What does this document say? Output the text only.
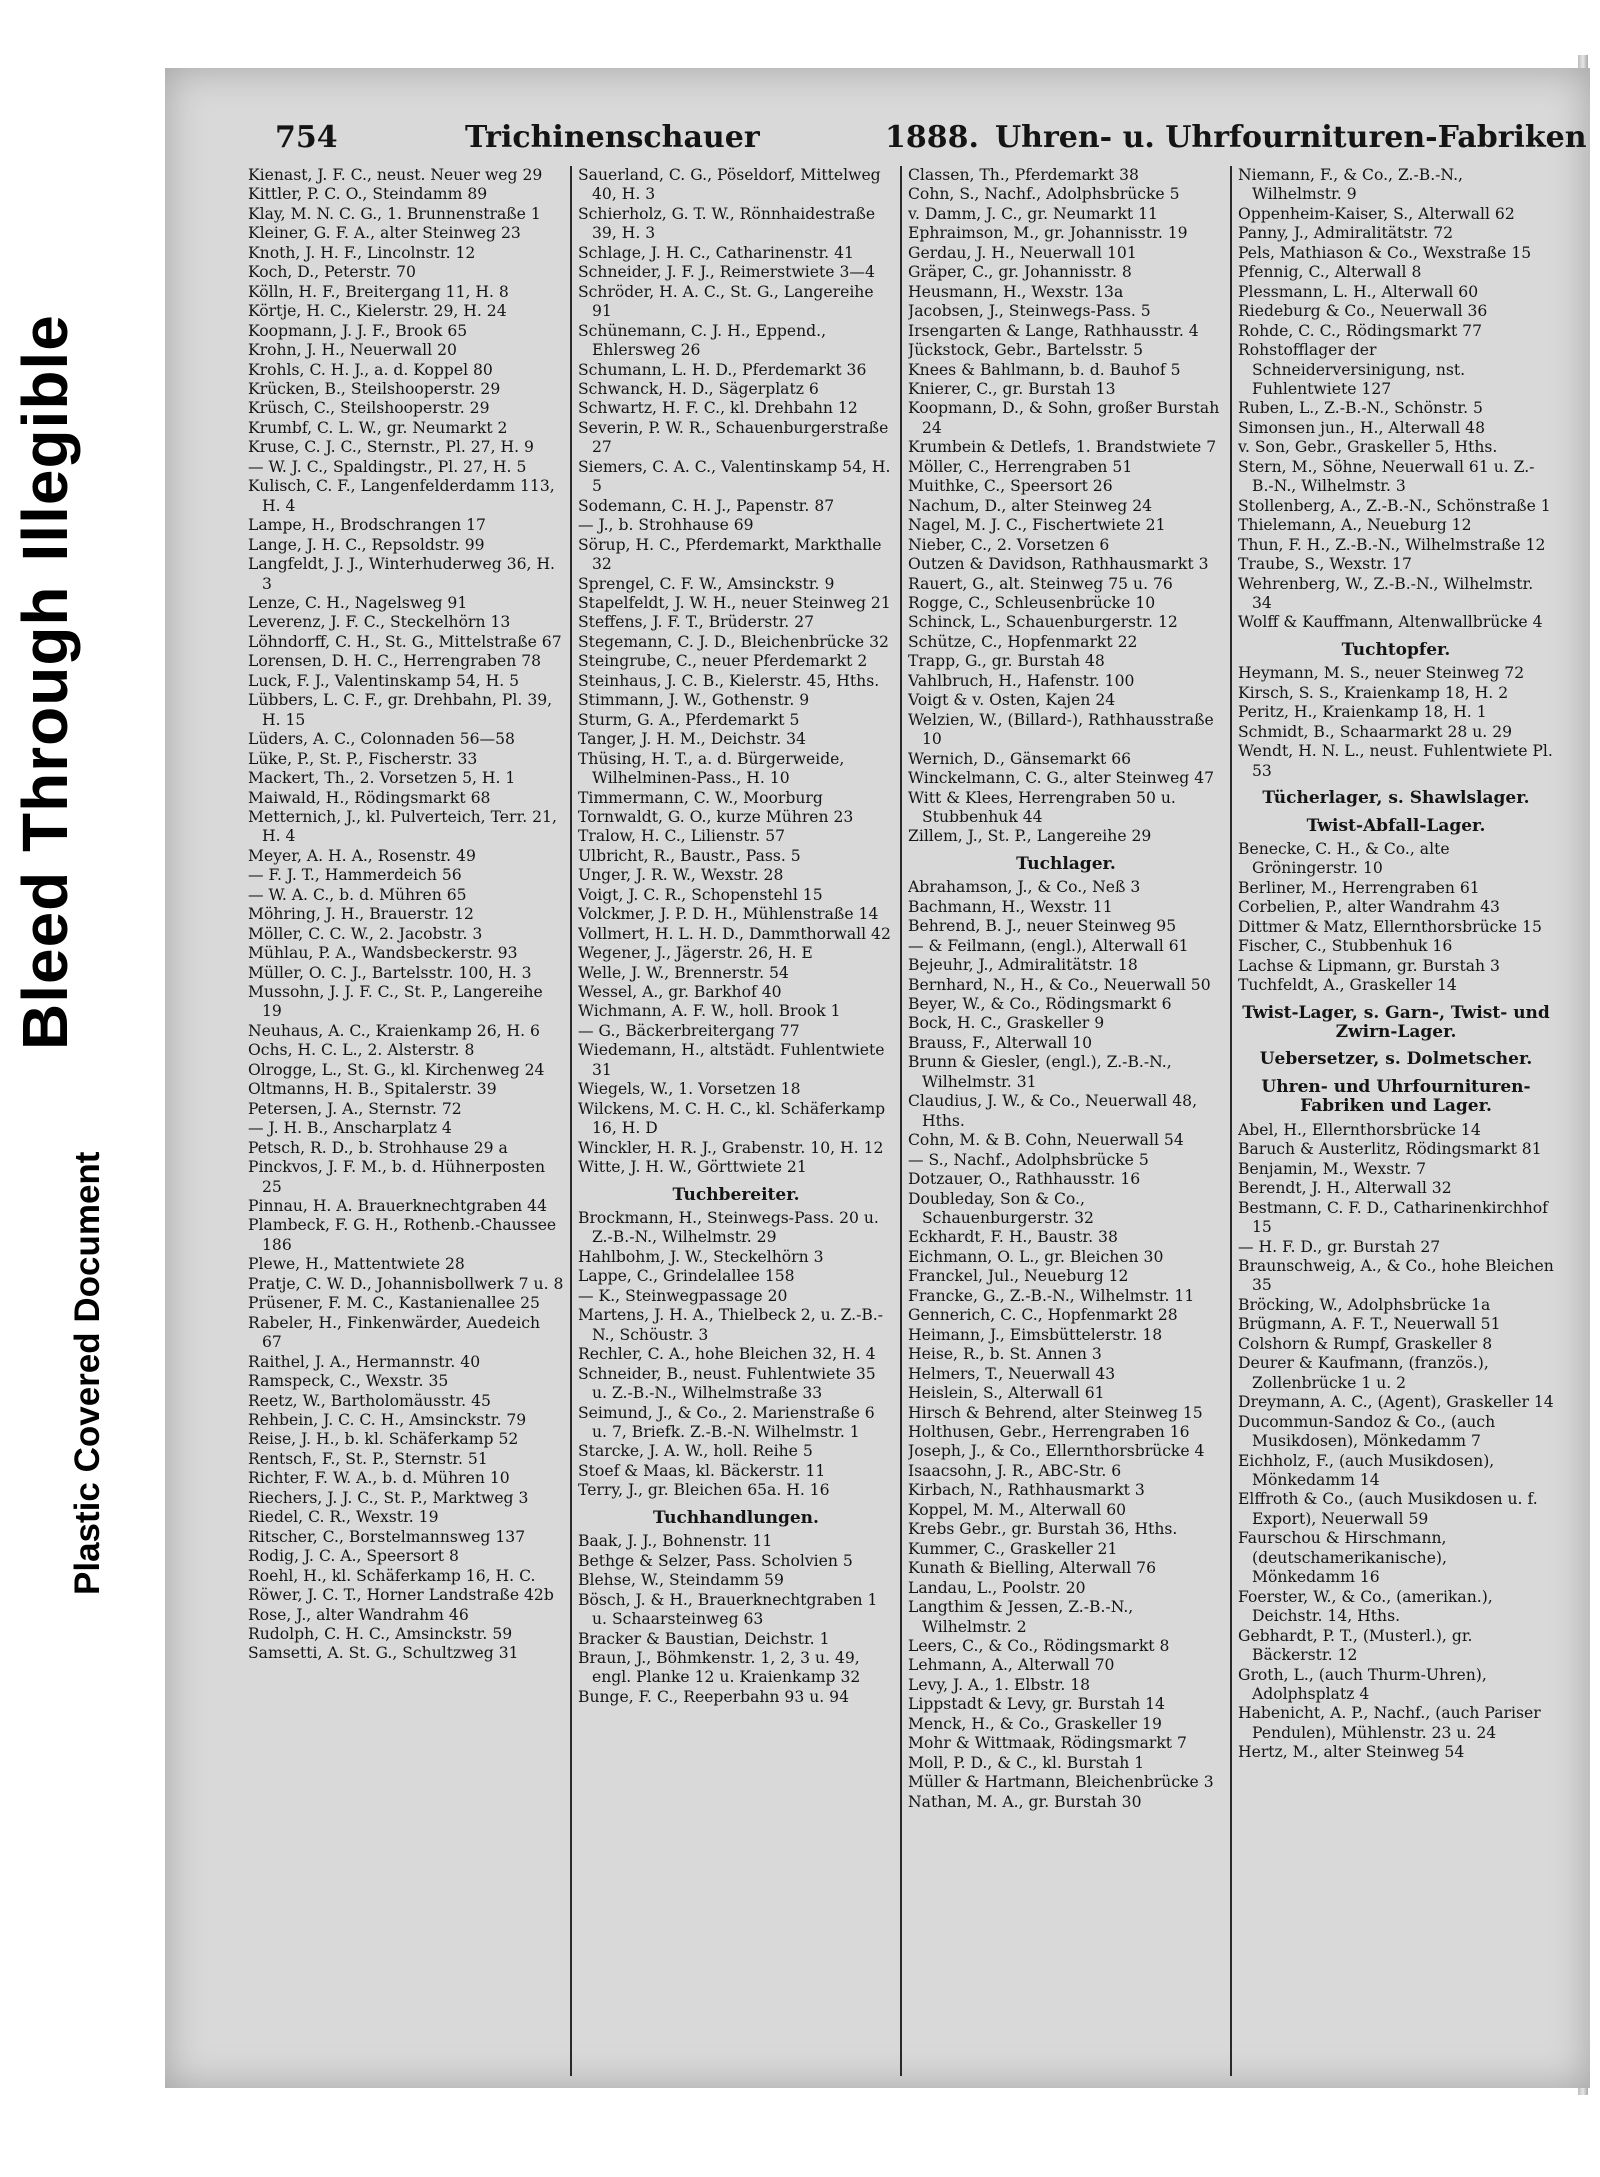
Bleed ThroughIllegible
Plastic Covered Document
754	Trichinenschauer	1888. Uhren- u. Uhrfournituren-Fabriken
Kienast, J. F. C., neust. Neuer weg 29
Kittler, P. C. O., Steindamm 89
Klay, M. N. C. G., 1. Brunnenstraße 1
Kleiner, G. F. A., alter Steinweg 23
Knoth, J. H. F., Lincolnstr. 12
Koch, D., Peterstr. 70
Kölln, H. F., Breitergang 11, H. 8
Körtje, H. C., Kielerstr. 29, H. 24
Koopmann, J. J. F., Brook 65
Krohn, J. H., Neuerwall 20
Krohls, C. H. J., a. d. Koppel 80
Krücken, B., Steilshooperstr. 29
Krüsch, C., Steilshooperstr. 29
Krumbf, C. L. W., gr. Neumarkt 2
Kruse, C. J. C., Sternstr., Pl. 27, H. 9
— W. J. C., Spaldingstr., Pl. 27, H. 5
Kulisch, C. F., Langenfelderdamm 113, H. 4
Lampe, H., Brodschrangen 17
Lange, J. H. C., Repsoldstr. 99
Langfeldt, J. J., Winterhuderweg 36, H. 3
Lenze, C. H., Nagelsweg 91
Leverenz, J. F. C., Steckelhörn 13
Löhndorff, C. H., St. G., Mittelstraße 67
Lorensen, D. H. C., Herrengraben 78
Luck, F. J., Valentinskamp 54, H. 5
Lübbers, L. C. F., gr. Drehbahn, Pl. 39, H. 15
Lüders, A. C., Colonnaden 56—58
Lüke, P., St. P., Fischerstr. 33
Mackert, Th., 2. Vorsetzen 5, H. 1
Maiwald, H., Rödingsmarkt 68
Metternich, J., kl. Pulverteich, Terr. 21, H. 4
Meyer, A. H. A., Rosenstr. 49
— F. J. T., Hammerdeich 56
— W. A. C., b. d. Mühren 65
Möhring, J. H., Brauerstr. 12
Möller, C. C. W., 2. Jacobstr. 3
Mühlau, P. A., Wandsbeckerstr. 93
Müller, O. C. J., Bartelsstr. 100, H. 3
Mussohn, J. J. F. C., St. P., Langereihe 19
Neuhaus, A. C., Kraienkamp 26, H. 6
Ochs, H. C. L., 2. Alsterstr. 8
Olrogge, L., St. G., kl. Kirchenweg 24
Oltmanns, H. B., Spitalerstr. 39
Petersen, J. A., Sternstr. 72
— J. H. B., Anscharplatz 4
Petsch, R. D., b. Strohhause 29 a
Pinckvos, J. F. M., b. d. Hühnerposten 25
Pinnau, H. A. Brauerknechtgraben 44
Plambeck, F. G. H., Rothenb.-Chaussee 186
Plewe, H., Mattentwiete 28
Pratje, C. W. D., Johannisbollwerk 7 u. 8
Prüsener, F. M. C., Kastanienallee 25
Rabeler, H., Finkenwärder, Auedeich 67
Raithel, J. A., Hermannstr. 40
Ramspeck, C., Wexstr. 35
Reetz, W., Bartholomäusstr. 45
Rehbein, J. C. C. H., Amsinckstr. 79
Reise, J. H., b. kl. Schäferkamp 52
Rentsch, F., St. P., Sternstr. 51
Richter, F. W. A., b. d. Mühren 10
Riechers, J. J. C., St. P., Marktweg 3
Riedel, C. R., Wexstr. 19
Ritscher, C., Borstelmannsweg 137
Rodig, J. C. A., Speersort 8
Roehl, H., kl. Schäferkamp 16, H. C.
Röwer, J. C. T., Horner Landstraße 42b
Rose, J., alter Wandrahm 46
Rudolph, C. H. C., Amsinckstr. 59
Samsetti, A. St. G., Schultzweg 31
Sauerland, C. G., Pöseldorf, Mittelweg 40, H. 3
Schierholz, G. T. W., Rönnhaidestraße 39, H. 3
Schlage, J. H. C., Catharinenstr. 41
Schneider, J. F. J., Reimerstwiete 3—4
Schröder, H. A. C., St. G., Langereihe 91
Schünemann, C. J. H., Eppend., Ehlersweg 26
Schumann, L. H. D., Pferdemarkt 36
Schwanck, H. D., Sägerplatz 6
Schwartz, H. F. C., kl. Drehbahn 12
Severin, P. W. R., Schauenburgerstraße 27
Siemers, C. A. C., Valentinskamp 54, H. 5
Sodemann, C. H. J., Papenstr. 87
— J., b. Strohhause 69
Sörup, H. C., Pferdemarkt, Markthalle 32
Sprengel, C. F. W., Amsinckstr. 9
Stapelfeldt, J. W. H., neuer Steinweg 21
Steffens, J. F. T., Brüderstr. 27
Stegemann, C. J. D., Bleichenbrücke 32
Steingrube, C., neuer Pferdemarkt 2
Steinhaus, J. C. B., Kielerstr. 45, Hths.
Stimmann, J. W., Gothenstr. 9
Sturm, G. A., Pferdemarkt 5
Tanger, J. H. M., Deichstr. 34
Thüsing, H. T., a. d. Bürgerweide, Wilhelminen-Pass., H. 10
Timmermann, C. W., Moorburg
Tornwaldt, G. O., kurze Mühren 23
Tralow, H. C., Lilienstr. 57
Ulbricht, R., Baustr., Pass. 5
Unger, J. R. W., Wexstr. 28
Voigt, J. C. R., Schopenstehl 15
Volckmer, J. P. D. H., Mühlenstraße 14
Vollmert, H. L. H. D., Dammthorwall 42
Wegener, J., Jägerstr. 26, H. E
Welle, J. W., Brennerstr. 54
Wessel, A., gr. Barkhof 40
Wichmann, A. F. W., holl. Brook 1
— G., Bäckerbreitergang 77
Wiedemann, H., altstädt. Fuhlentwiete 31
Wiegels, W., 1. Vorsetzen 18
Wilckens, M. C. H. C., kl. Schäferkamp 16, H. D
Winckler, H. R. J., Grabenstr. 10, H. 12
Witte, J. H. W., Görttwiete 21
Tuchbereiter.
Brockmann, H., Steinwegs-Pass. 20 u. Z.-B.-N., Wilhelmstr. 29
Hahlbohm, J. W., Steckelhörn 3
Lappe, C., Grindelallee 158
— K., Steinwegpassage 20
Martens, J. H. A., Thielbeck 2, u. Z.-B.-N., Schöustr. 3
Rechler, C. A., hohe Bleichen 32, H. 4
Schneider, B., neust. Fuhlentwiete 35 u. Z.-B.-N., Wilhelmstraße 33
Seimund, J., & Co., 2. Marienstraße 6 u. 7, Briefk. Z.-B.-N. Wilhelmstr. 1
Starcke, J. A. W., holl. Reihe 5
Stoef & Maas, kl. Bäckerstr. 11
Terry, J., gr. Bleichen 65a. H. 16
Tuchhandlungen.
Baak, J. J., Bohnenstr. 11
Bethge & Selzer, Pass. Scholvien 5
Blehse, W., Steindamm 59
Bösch, J. & H., Brauerknechtgraben 1 u. Schaarsteinweg 63
Bracker & Baustian, Deichstr. 1
Braun, J., Böhmkenstr. 1, 2, 3 u. 49, engl. Planke 12 u. Kraienkamp 32
Bunge, F. C., Reeperbahn 93 u. 94
Classen, Th., Pferdemarkt 38
Cohn, S., Nachf., Adolphsbrücke 5
v. Damm, J. C., gr. Neumarkt 11
Ephraimson, M., gr. Johannisstr. 19
Gerdau, J. H., Neuerwall 101
Gräper, C., gr. Johannisstr. 8
Heusmann, H., Wexstr. 13a
Jacobsen, J., Steinwegs-Pass. 5
Irsengarten & Lange, Rathhausstr. 4
Jückstock, Gebr., Bartelsstr. 5
Knees & Bahlmann, b. d. Bauhof 5
Knierer, C., gr. Burstah 13
Koopmann, D., & Sohn, großer Burstah 24
Krumbein & Detlefs, 1. Brandstwiete 7
Möller, C., Herrengraben 51
Muithke, C., Speersort 26
Nachum, D., alter Steinweg 24
Nagel, M. J. C., Fischertwiete 21
Nieber, C., 2. Vorsetzen 6
Outzen & Davidson, Rathhausmarkt 3
Rauert, G., alt. Steinweg 75 u. 76
Rogge, C., Schleusenbrücke 10
Schinck, L., Schauenburgerstr. 12
Schütze, C., Hopfenmarkt 22
Trapp, G., gr. Burstah 48
Vahlbruch, H., Hafenstr. 100
Voigt & v. Osten, Kajen 24
Welzien, W., (Billard-), Rathhausstraße 10
Wernich, D., Gänsemarkt 66
Winckelmann, C. G., alter Steinweg 47
Witt & Klees, Herrengraben 50 u. Stubbenhuk 44
Zillem, J., St. P., Langereihe 29
Tuchlager.
Abrahamson, J., & Co., Neß 3
Bachmann, H., Wexstr. 11
Behrend, B. J., neuer Steinweg 95
— & Feilmann, (engl.), Alterwall 61
Bejeuhr, J., Admiralitätstr. 18
Bernhard, N., H., & Co., Neuerwall 50
Beyer, W., & Co., Rödingsmarkt 6
Bock, H. C., Graskeller 9
Brauss, F., Alterwall 10
Brunn & Giesler, (engl.), Z.-B.-N., Wilhelmstr. 31
Claudius, J. W., & Co., Neuerwall 48, Hths.
Cohn, M. & B. Cohn, Neuerwall 54
— S., Nachf., Adolphsbrücke 5
Dotzauer, O., Rathhausstr. 16
Doubleday, Son & Co., Schauenburgerstr. 32
Eckhardt, F. H., Baustr. 38
Eichmann, O. L., gr. Bleichen 30
Franckel, Jul., Neueburg 12
Francke, G., Z.-B.-N., Wilhelmstr. 11
Gennerich, C. C., Hopfenmarkt 28
Heimann, J., Eimsbüttelerstr. 18
Heise, R., b. St. Annen 3
Helmers, T., Neuerwall 43
Heislein, S., Alterwall 61
Hirsch & Behrend, alter Steinweg 15
Holthusen, Gebr., Herrengraben 16
Joseph, J., & Co., Ellernthorsbrücke 4
Isaacsohn, J. R., ABC-Str. 6
Kirbach, N., Rathhausmarkt 3
Koppel, M. M., Alterwall 60
Krebs Gebr., gr. Burstah 36, Hths.
Kummer, C., Graskeller 21
Kunath & Bielling, Alterwall 76
Landau, L., Poolstr. 20
Langthim & Jessen, Z.-B.-N., Wilhelmstr. 2
Leers, C., & Co., Rödingsmarkt 8
Lehmann, A., Alterwall 70
Levy, J. A., 1. Elbstr. 18
Lippstadt & Levy, gr. Burstah 14
Menck, H., & Co., Graskeller 19
Mohr & Wittmaak, Rödingsmarkt 7
Moll, P. D., & C., kl. Burstah 1
Müller & Hartmann, Bleichenbrücke 3
Nathan, M. A., gr. Burstah 30
Niemann, F., & Co., Z.-B.-N., Wilhelmstr. 9
Oppenheim-Kaiser, S., Alterwall 62
Panny, J., Admiralitätstr. 72
Pels, Mathiason & Co., Wexstraße 15
Pfennig, C., Alterwall 8
Plessmann, L. H., Alterwall 60
Riedeburg & Co., Neuerwall 36
Rohde, C. C., Rödingsmarkt 77
Rohstofflager der Schneiderversinigung, nst. Fuhlentwiete 127
Ruben, L., Z.-B.-N., Schönstr. 5
Simonsen jun., H., Alterwall 48
v. Son, Gebr., Graskeller 5, Hths.
Stern, M., Söhne, Neuerwall 61 u. Z.-B.-N., Wilhelmstr. 3
Stollenberg, A., Z.-B.-N., Schönstraße 1
Thielemann, A., Neueburg 12
Thun, F. H., Z.-B.-N., Wilhelmstraße 12
Traube, S., Wexstr. 17
Wehrenberg, W., Z.-B.-N., Wilhelmstr. 34
Wolff & Kauffmann, Altenwallbrücke 4
Tuchtopfer.
Heymann, M. S., neuer Steinweg 72
Kirsch, S. S., Kraienkamp 18, H. 2
Peritz, H., Kraienkamp 18, H. 1
Schmidt, B., Schaarmarkt 28 u. 29
Wendt, H. N. L., neust. Fuhlentwiete Pl. 53
Tücherlager, s. Shawlslager.
Twist-Abfall-Lager.
Benecke, C. H., & Co., alte Gröningerstr. 10
Berliner, M., Herrengraben 61
Corbelien, P., alter Wandrahm 43
Dittmer & Matz, Ellernthorsbrücke 15
Fischer, C., Stubbenhuk 16
Lachse & Lipmann, gr. Burstah 3
Tuchfeldt, A., Graskeller 14
Twist-Lager, s. Garn-, Twist- und Zwirn-Lager.
Uebersetzer, s. Dolmetscher.
Uhren- und Uhrfournituren-Fabriken und Lager.
Abel, H., Ellernthorsbrücke 14
Baruch & Austerlitz, Rödingsmarkt 81
Benjamin, M., Wexstr. 7
Berendt, J. H., Alterwall 32
Bestmann, C. F. D., Catharinenkirchhof 15
— H. F. D., gr. Burstah 27
Braunschweig, A., & Co., hohe Bleichen 35
Bröcking, W., Adolphsbrücke 1a
Brügmann, A. F. T., Neuerwall 51
Colshorn & Rumpf, Graskeller 8
Deurer & Kaufmann, (französ.), Zollenbrücke 1 u. 2
Dreymann, A. C., (Agent), Graskeller 14
Ducommun-Sandoz & Co., (auch Musikdosen), Mönkedamm 7
Eichholz, F., (auch Musikdosen), Mönkedamm 14
Elffroth & Co., (auch Musikdosen u. f. Export), Neuerwall 59
Faurschou & Hirschmann, (deutschamerikanische), Mönkedamm 16
Foerster, W., & Co., (amerikan.), Deichstr. 14, Hths.
Gebhardt, P. T., (Musterl.), gr. Bäckerstr. 12
Groth, L., (auch Thurm-Uhren), Adolphsplatz 4
Habenicht, A. P., Nachf., (auch Pariser Pendulen), Mühlenstr. 23 u. 24
Hertz, M., alter Steinweg 54
